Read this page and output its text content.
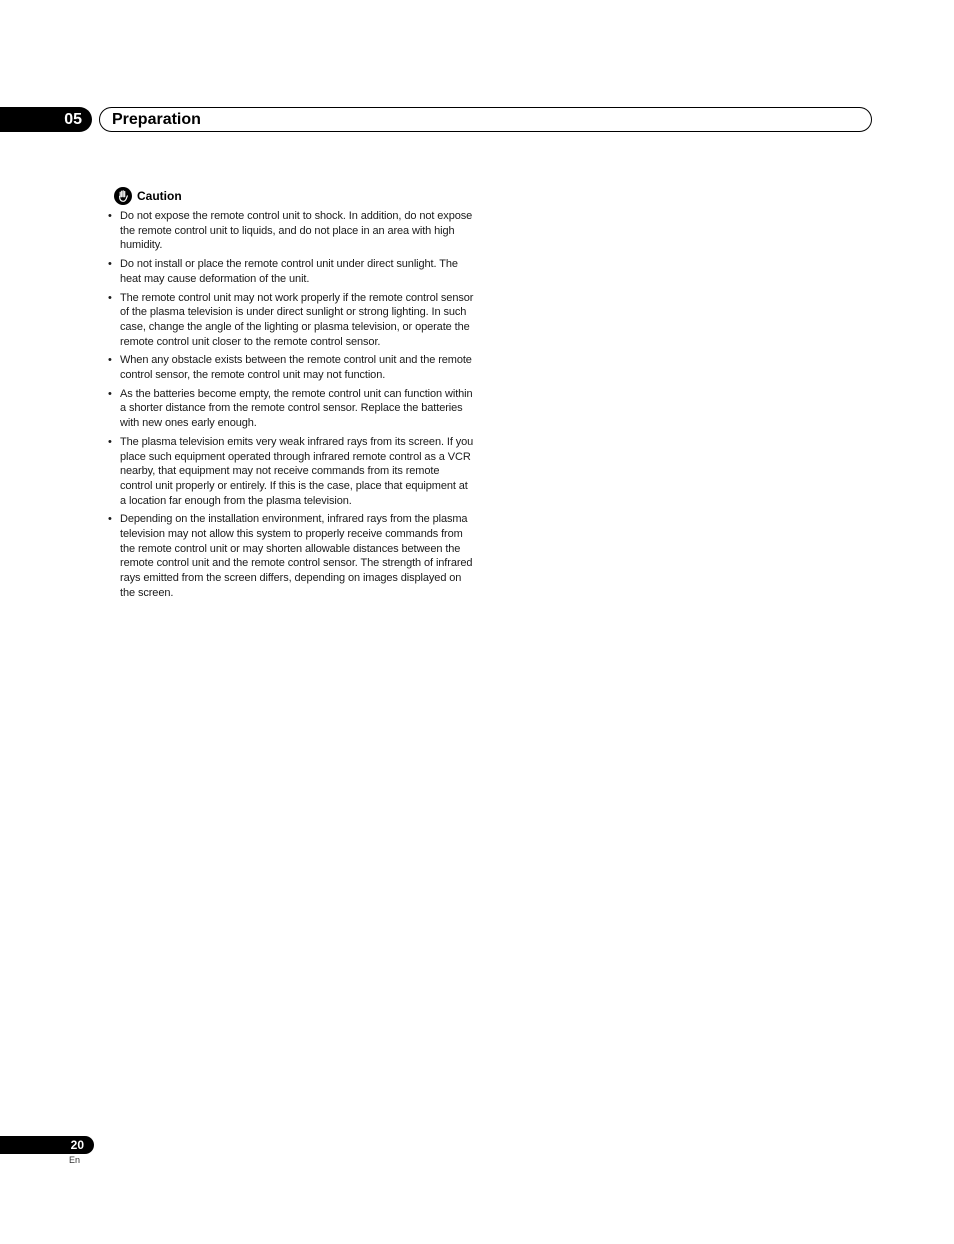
05	Preparation
Caution
• Do not expose the remote control unit to shock. In addition, do not expose the remote control unit to liquids, and do not place in an area with high humidity.
• Do not install or place the remote control unit under direct sunlight. The heat may cause deformation of the unit.
• The remote control unit may not work properly if the remote control sensor of the plasma television is under direct sunlight or strong lighting. In such case, change the angle of the lighting or plasma television, or operate the remote control unit closer to the remote control sensor.
• When any obstacle exists between the remote control unit and the remote control sensor, the remote control unit may not function.
• As the batteries become empty, the remote control unit can function within a shorter distance from the remote control sensor. Replace the batteries with new ones early enough.
• The plasma television emits very weak infrared rays from its screen. If you place such equipment operated through infrared remote control as a VCR nearby, that equipment may not receive commands from its remote control unit properly or entirely. If this is the case, place that equipment at a location far enough from the plasma television.
• Depending on the installation environment, infrared rays from the plasma television may not allow this system to properly receive commands from the remote control unit or may shorten allowable distances between the remote control unit and the remote control sensor. The strength of infrared rays emitted from the screen differs, depending on images displayed on the screen.
20
En
